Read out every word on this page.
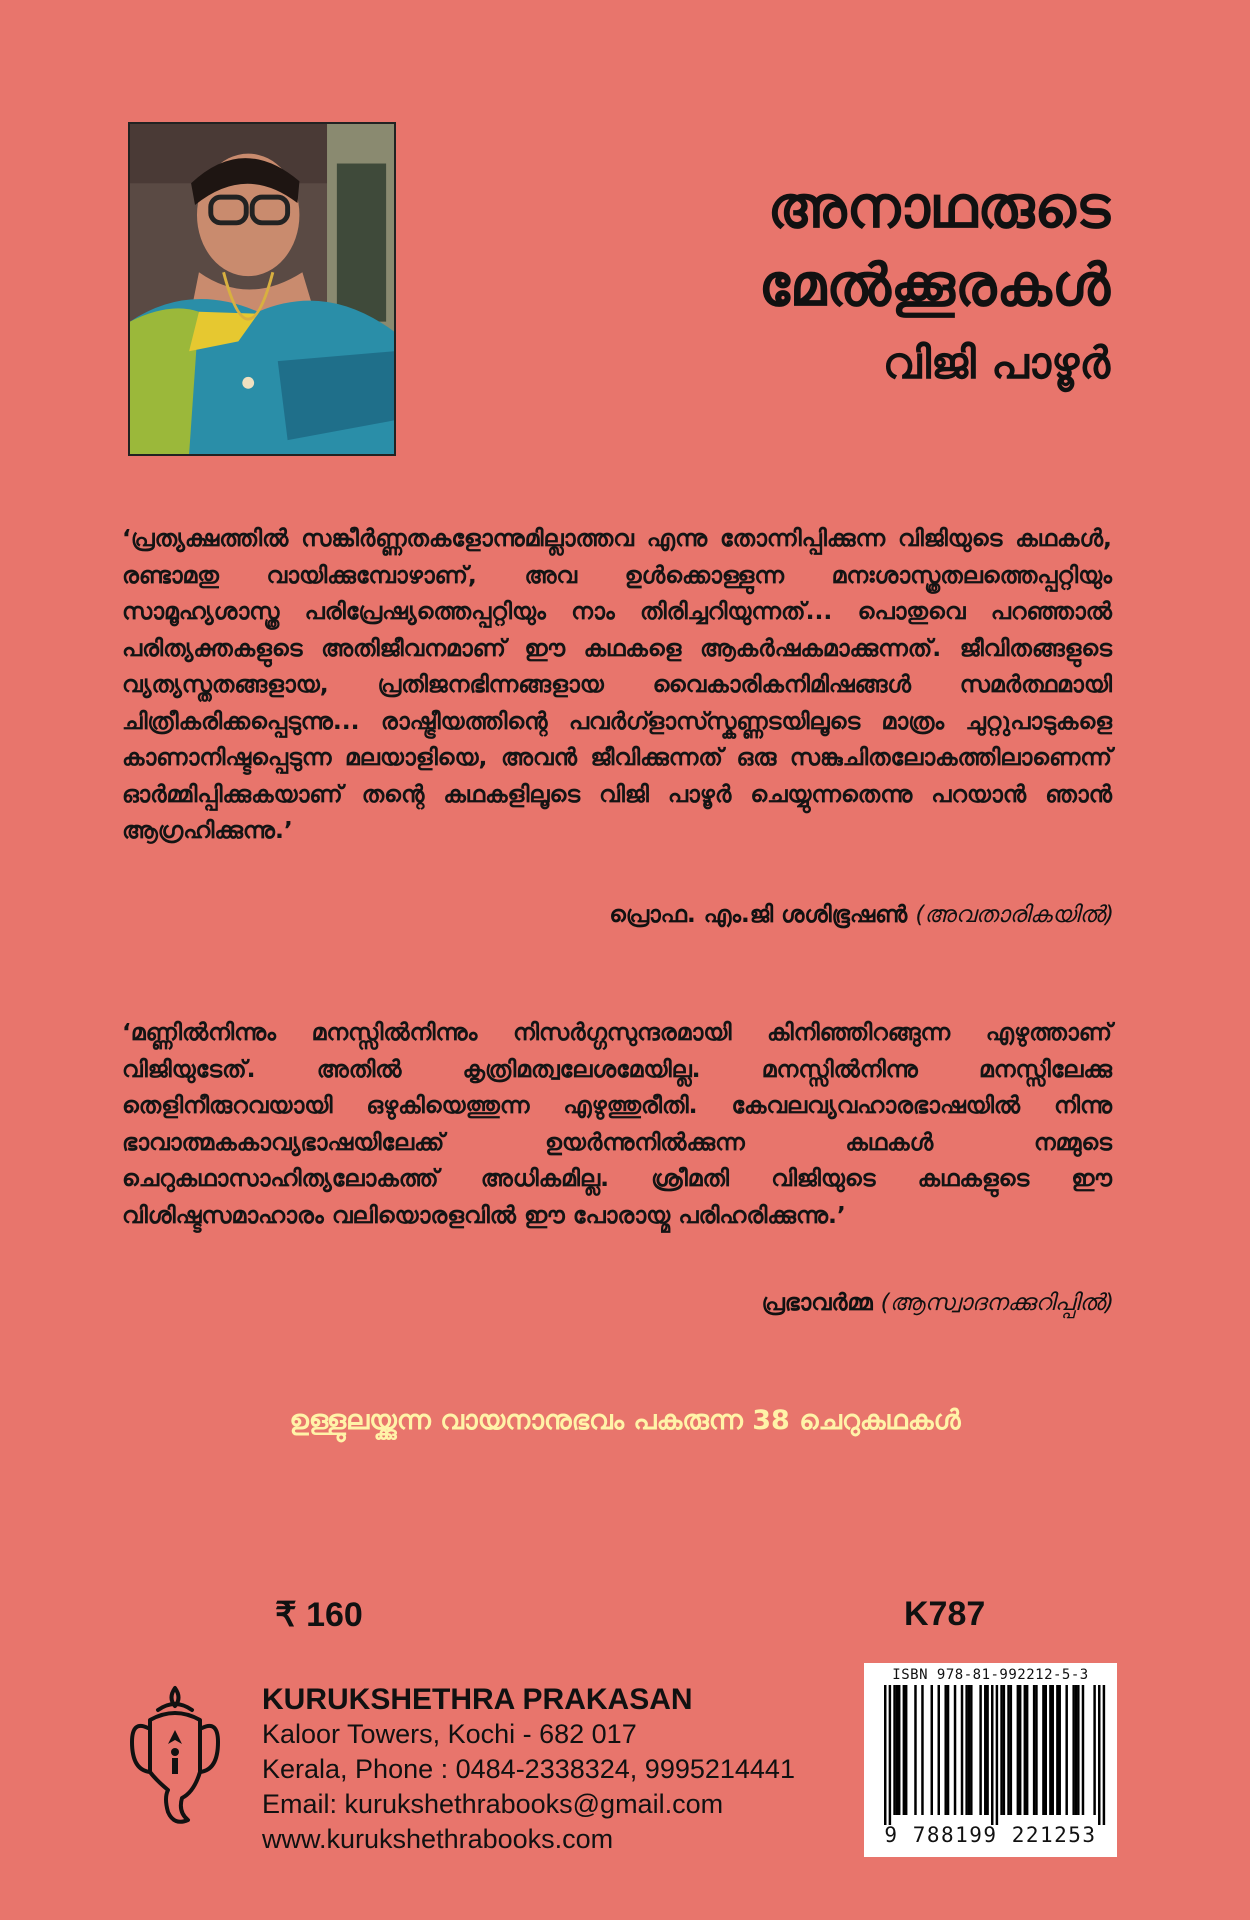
അനാഥരുടെ
മേൽക്കൂരകൾ
വിജി പാഴൂർ
‘പ്രത്യക്ഷത്തിൽ സങ്കീർണ്ണതകളോന്നുമില്ലാത്തവ എന്നു തോന്നിപ്പിക്കുന്ന വിജിയുടെ കഥകൾ, രണ്ടാമതു വായിക്കുമ്പോഴാണ്, അവ ഉൾക്കൊള്ളുന്ന മനഃശാസ്ത്രതലത്തെപ്പറ്റിയും സാമൂഹ്യശാസ്ത്ര പരിപ്രേഷ്യത്തെപ്പറ്റിയും നാം തിരിച്ചറിയുന്നത്... പൊതുവെ പറഞ്ഞാൽ പരിത്യക്തകളുടെ അതിജീവനമാണ് ഈ കഥകളെ ആകർഷകമാക്കുന്നത്. ജീവിതങ്ങളുടെ വ്യത്യസ്തതങ്ങളായ, പ്രതിജനഭിന്നങ്ങളായ വൈകാരികനിമിഷങ്ങൾ സമർത്ഥമായി ചിത്രീകരിക്കപ്പെടുന്നു... രാഷ്ട്രീയത്തിന്റെ പവർഗ്ളാസ്സ്കണ്ണടയിലൂടെ മാത്രം ചുറ്റുപാടുകളെ കാണാനിഷ്ടപ്പെടുന്ന മലയാളിയെ, അവൻ ജീവിക്കുന്നത് ഒരു സങ്കുചിതലോകത്തിലാണെന്ന് ഓർമ്മിപ്പിക്കുകയാണ് തന്റെ കഥകളിലൂടെ വിജി പാഴൂർ ചെയ്യുന്നതെന്നു പറയാൻ ഞാൻ ആഗ്രഹിക്കുന്നു.’
പ്രൊഫ. എം.ജി ശശിഭൂഷൺ (അവതാരികയിൽ)
‘മണ്ണിൽനിന്നും മനസ്സിൽനിന്നും നിസർഗ്ഗസുന്ദരമായി കിനിഞ്ഞിറങ്ങുന്ന എഴുത്താണ് വിജിയുടേത്. അതിൽ കൃത്രിമത്വലേശമേയില്ല. മനസ്സിൽനിന്നു മനസ്സിലേക്കു തെളിനീരുറവയായി ഒഴുകിയെത്തുന്ന എഴുത്തുരീതി. കേവലവ്യവഹാരഭാഷയിൽ നിന്നു ഭാവാത്മകകാവ്യഭാഷയിലേക്ക് ഉയർന്നുനിൽക്കുന്ന കഥകൾ നമ്മുടെ ചെറുകഥാസാഹിത്യലോകത്ത് അധികമില്ല. ശ്രീമതി വിജിയുടെ കഥകളുടെ ഈ വിശിഷ്ടസമാഹാരം വലിയൊരളവിൽ ഈ പോരായ്മ പരിഹരിക്കുന്നു.’
പ്രഭാവർമ്മ (ആസ്വാദനക്കുറിപ്പിൽ)
ഉള്ളുലയ്ക്കുന്ന വായനാനുഭവം പകരുന്ന 38 ചെറുകഥകൾ
₹ 160	K787
KURUKSHETHRA PRAKASAN
Kaloor Towers, Kochi - 682 017
Kerala, Phone : 0484-2338324, 9995214441
Email: kurukshethrabooks@gmail.com
www.kurukshethrabooks.com
ISBN 978-81-992212-5-3
9 788199 221253
